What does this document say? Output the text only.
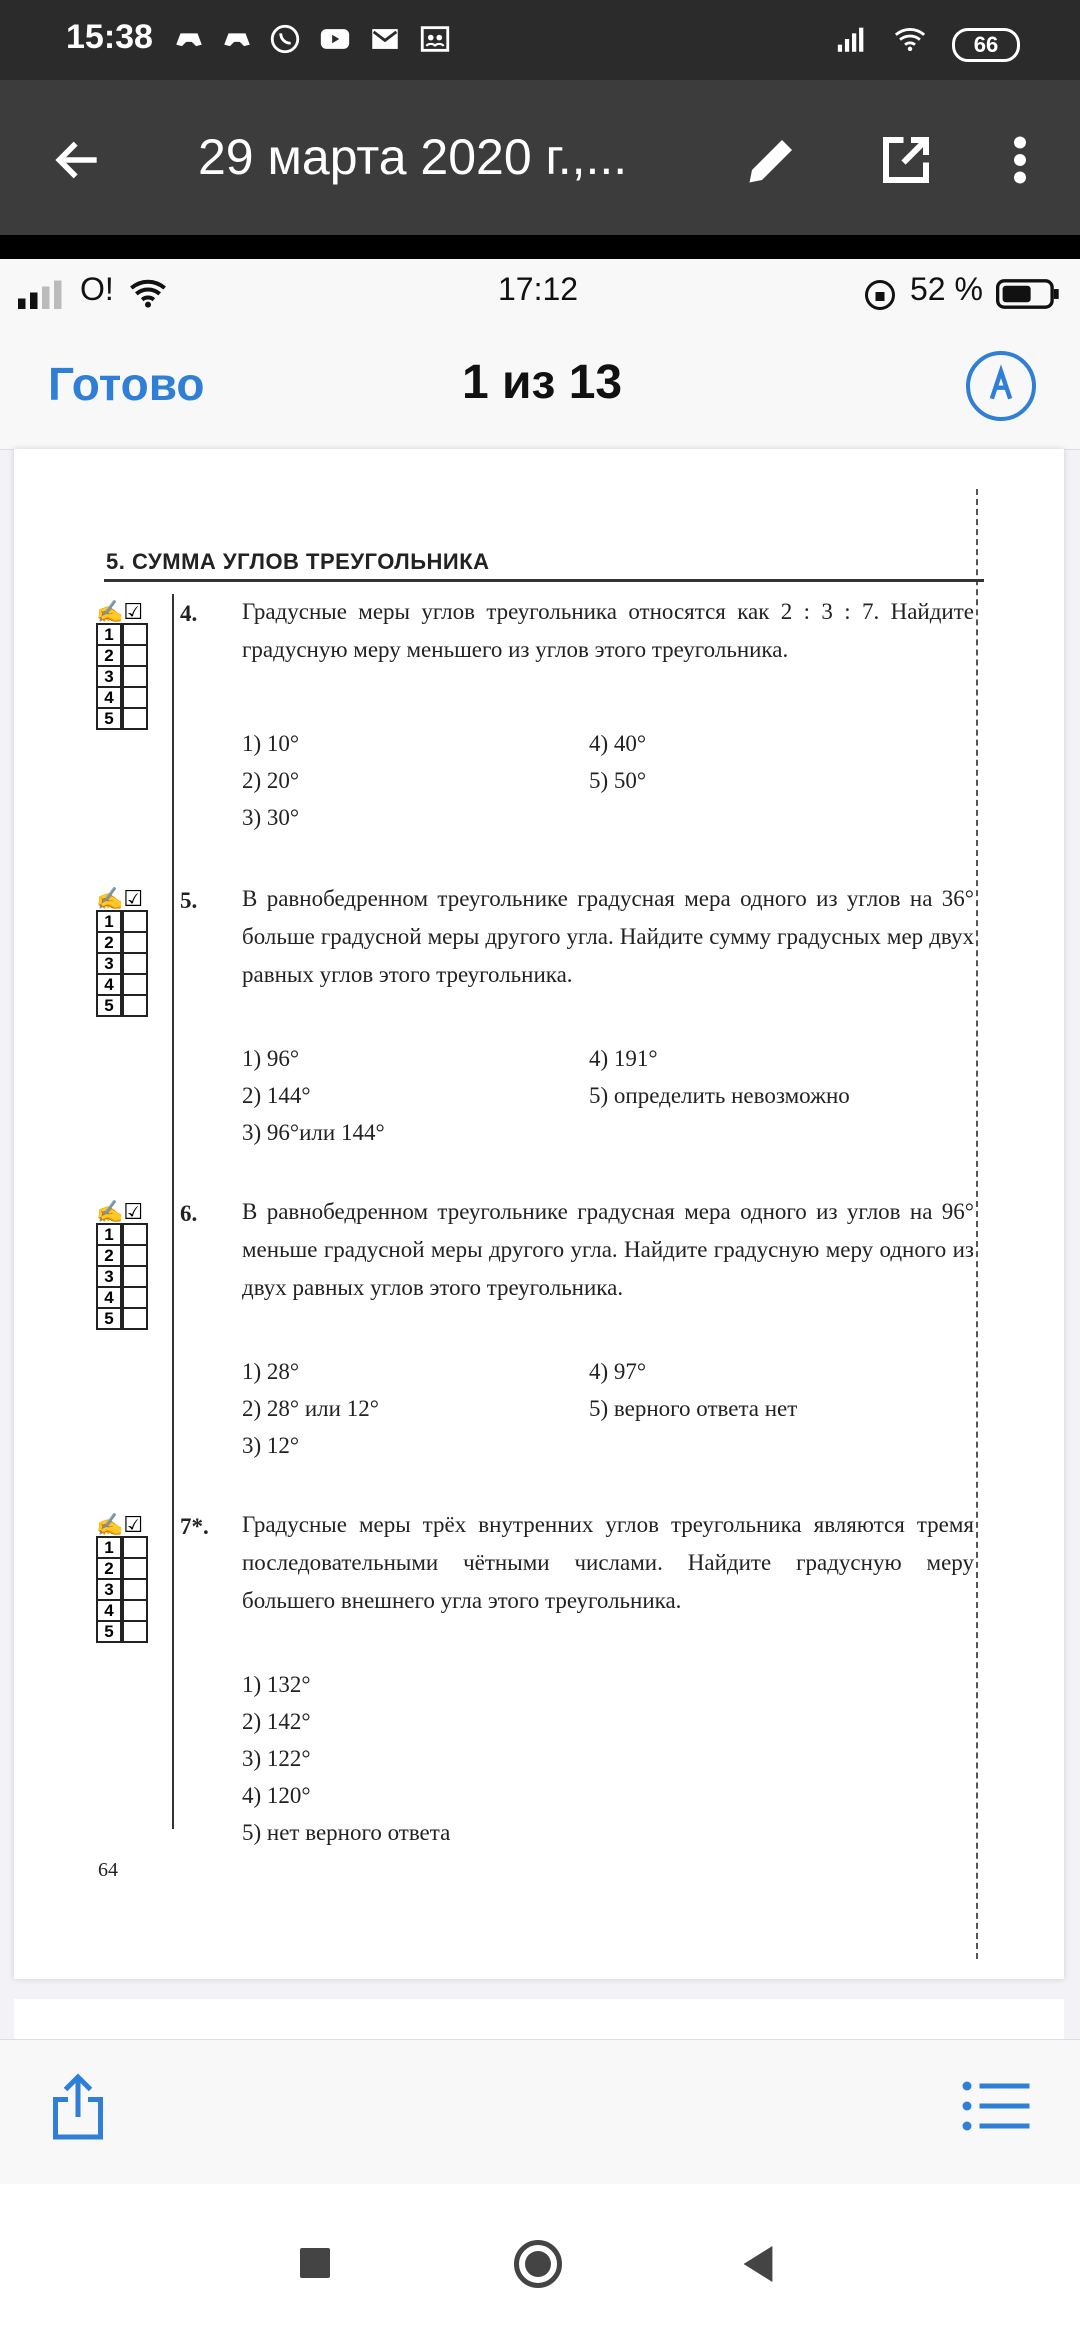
15:38	66
29 марта 2020 г.,...
O!	17:12	52 %
Готово	1 из 13
5. СУММА УГЛОВ ТРЕУГОЛЬНИКА
✍☑
1
2
3
4
5
4. Градусные меры углов треугольника относятся как 2 : 3 : 7. Найдите градусную меру меньшего из углов этого треугольника.
1) 10°
2) 20°
3) 30°
4) 40°
5) 50°
✍☑
1
2
3
4
5
5. В равнобедренном треугольнике градусная мера одного из углов на 36° больше градусной меры другого угла. Найдите сумму градусных мер двух равных углов этого треугольника.
1) 96°
2) 144°
3) 96°или 144°
4) 191°
5) определить невозможно
✍☑
1
2
3
4
5
6. В равнобедренном треугольнике градусная мера одного из углов на 96° меньше градусной меры другого угла. Найдите градусную меру одного из двух равных углов этого треугольника.
1) 28°
2) 28° или 12°
3) 12°
4) 97°
5) верного ответа нет
✍☑
1
2
3
4
5
7*. Градусные меры трёх внутренних углов треугольника являются тремя последовательными чётными числами. Найдите градусную меру большего внешнего угла этого треугольника.
1) 132°
2) 142°
3) 122°
4) 120°
5) нет верного ответа
64
